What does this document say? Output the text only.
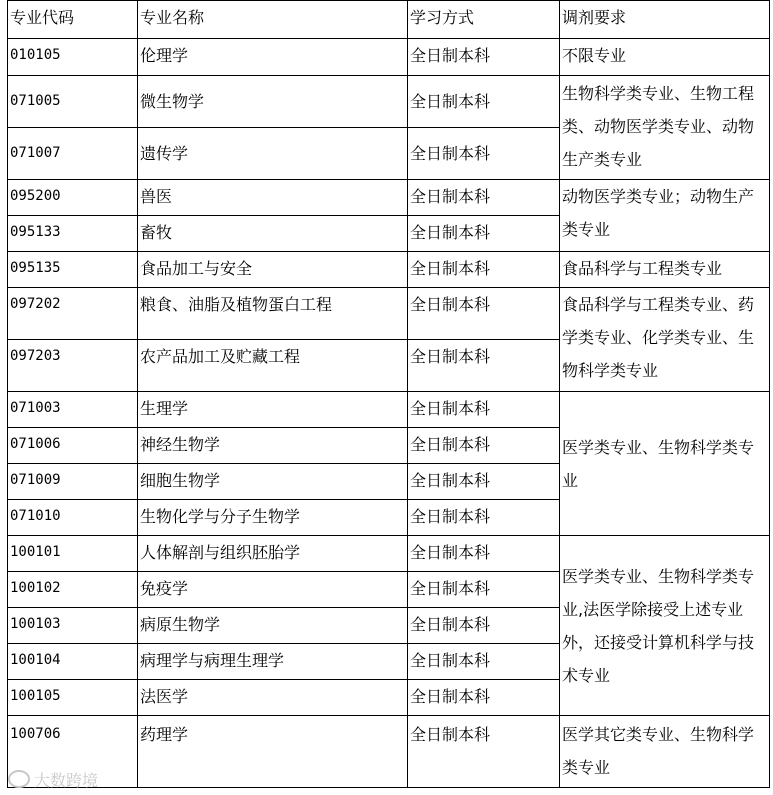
专业代码	专业名称	学习方式	调剂要求
010105	伦理学	全日制本科	不限专业
071005	微生物学	全日制本科	生物科学类专业、生物工程类、动物医学类专业、动物生产类专业
071007	遗传学	全日制本科	
095200	兽医	全日制本科	动物医学类专业；动物生产类专业
095133	畜牧	全日制本科	
095135	食品加工与安全	全日制本科	食品科学与工程类专业
097202	粮食、油脂及植物蛋白工程	全日制本科	食品科学与工程类专业、药学类专业、化学类专业、生物科学类专业
097203	农产品加工及贮藏工程	全日制本科	
071003	生理学	全日制本科	医学类专业、生物科学类专业
071006	神经生物学	全日制本科	
071009	细胞生物学	全日制本科	
071010	生物化学与分子生物学	全日制本科	
100101	人体解剖与组织胚胎学	全日制本科	医学类专业、生物科学类专业,法医学除接受上述专业外，还接受计算机科学与技术专业
100102	免疫学	全日制本科	
100103	病原生物学	全日制本科	
100104	病理学与病理生理学	全日制本科	
100105	法医学	全日制本科	
100706	药理学	全日制本科	医学其它类专业、生物科学类专业
大数跨境
